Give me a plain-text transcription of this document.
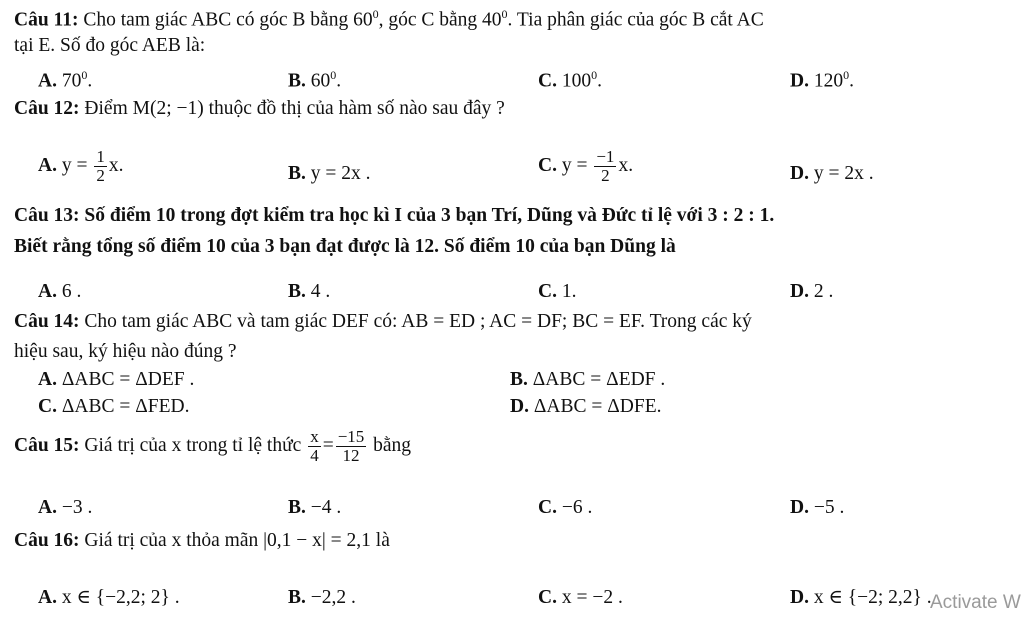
Câu 11: Cho tam giác ABC có góc B bằng $60^0$, góc C bằng $40^0$. Tia phân giác của góc B cắt AC
tại E. Số đo góc AEB là:
A. $70^0$.	B. $60^0$.	C. $100^0$.	D. $120^0$.
Câu 12: Điểm M(2; −1) thuộc đồ thị của hàm số nào sau đây ?
A. $y = \frac{1}{2} x$.	B. y = 2x .	C. $y = \frac{-1}{2} x$.	D. y = 2x .
Câu 13: Số điểm 10 trong đợt kiểm tra học kì I của 3 bạn Trí, Dũng và Đức tỉ lệ với 3 : 2 : 1.
Biết rằng tổng số điểm 10 của 3 bạn đạt được là 12. Số điểm 10 của bạn Dũng là
A. 6 .	B. 4 .	C. 1.	D. 2 .
Câu 14: Cho tam giác ABC và tam giác DEF có: AB = ED ; AC = DF; BC = EF. Trong các ký
hiệu sau, ký hiệu nào đúng ?
A. ΔABC = ΔDEF .	B. ΔABC = ΔEDF .
C. ΔABC = ΔFED.	D. ΔABC = ΔDFE.
Câu 15: Giá trị của x trong tỉ lệ thức $\frac{x}{4} = \frac{-15}{12}$ bằng
A. −3 .	B. −4 .	C. −6 .	D. −5 .
Câu 16: Giá trị của x thỏa mãn |0,1 − x| = 2,1 là
A. x ∈ {−2,2; 2} .	B. −2,2 .	C. x = −2 .	D. x ∈ {−2; 2,2} .
Activate W
